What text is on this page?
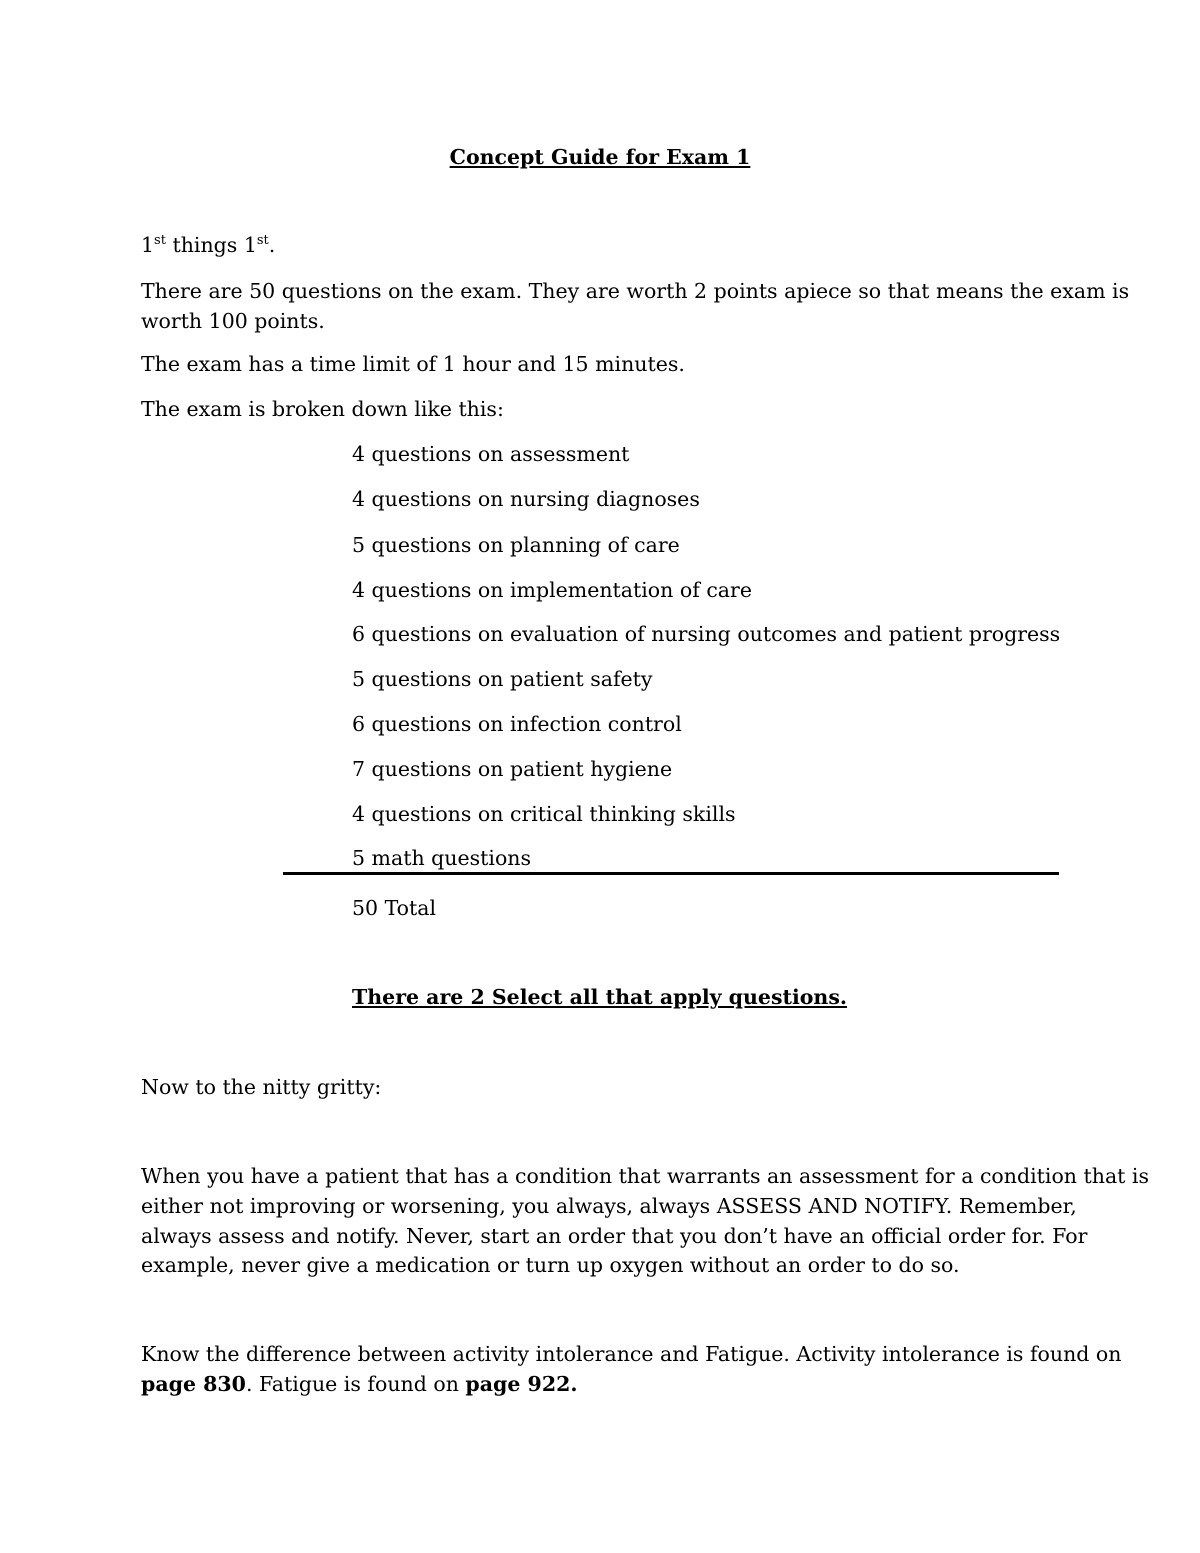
Concept Guide for Exam 1
1st things 1st.
There are 50 questions on the exam. They are worth 2 points apiece so that means the exam is
worth 100 points.
The exam has a time limit of 1 hour and 15 minutes.
The exam is broken down like this:
4 questions on assessment
4 questions on nursing diagnoses
5 questions on planning of care
4 questions on implementation of care
6 questions on evaluation of nursing outcomes and patient progress
5 questions on patient safety
6 questions on infection control
7 questions on patient hygiene
4 questions on critical thinking skills
5 math questions
50 Total
There are 2 Select all that apply questions.
Now to the nitty gritty:
When you have a patient that has a condition that warrants an assessment for a condition that is
either not improving or worsening, you always, always ASSESS AND NOTIFY. Remember,
always assess and notify. Never, start an order that you don’t have an official order for. For
example, never give a medication or turn up oxygen without an order to do so.
Know the difference between activity intolerance and Fatigue. Activity intolerance is found on
page 830. Fatigue is found on page 922.
